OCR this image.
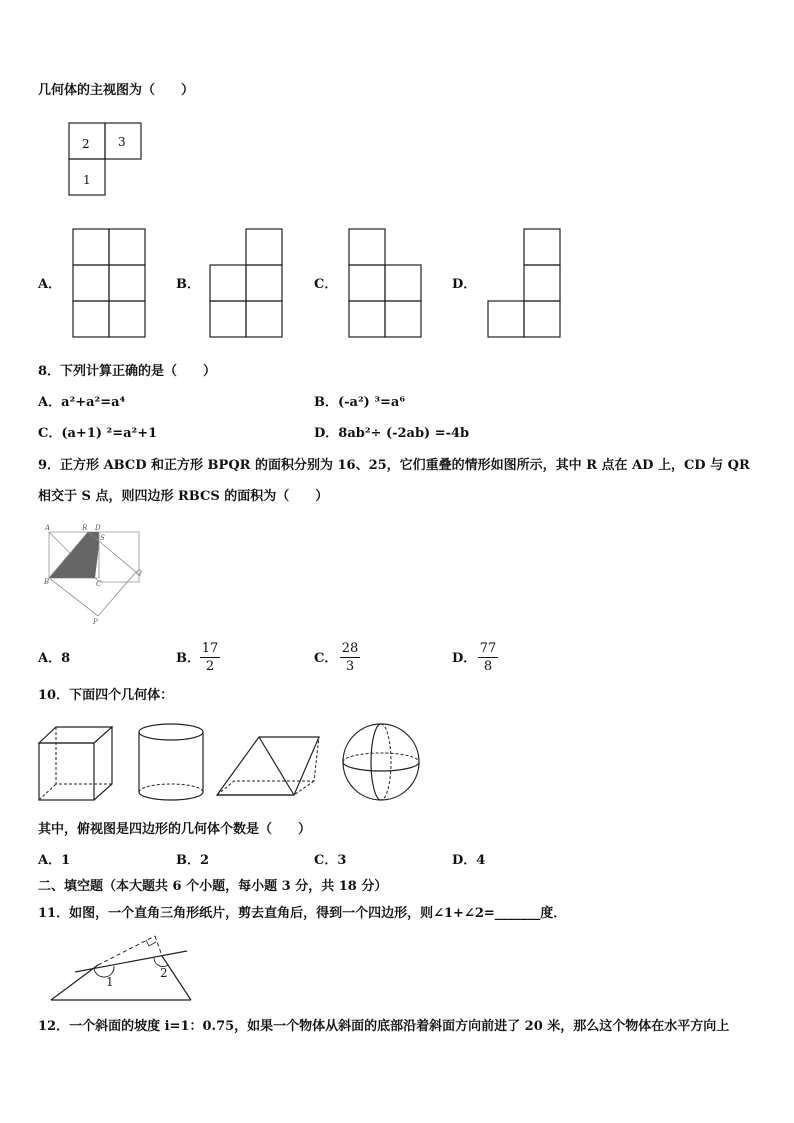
几何体的主视图为（　　）
2 3
1
A．	B．	C．	D．
8．下列计算正确的是（　　）
A．a²+a²=a⁴	B．(-a²) ³=a⁶
C．(a+1) ²=a²+1	D．8ab²÷ (-2ab) =-4b
9．正方形 ABCD 和正方形 BPQR 的面积分别为 16、25，它们重叠的情形如图所示，其中 R 点在 AD 上，CD 与 QR
相交于 S 点，则四边形 RBCS 的面积为（　　）
A	R D
S
B	C
Q
P
A．8	B． $\frac{17}{2}$	C． $\frac{28}{3}$	D． $\frac{77}{8}$
10．下面四个几何体：
其中，俯视图是四边形的几何体个数是（　　）
A．1	B．2	C．3	D．4
二、填空题（本大题共 6 个小题，每小题 3 分，共 18 分）
11．如图，一个直角三角形纸片，剪去直角后，得到一个四边形，则∠1+∠2=_______度．
1
2
12．一个斜面的坡度 i=1：0.75，如果一个物体从斜面的底部沿着斜面方向前进了 20 米，那么这个物体在水平方向上
